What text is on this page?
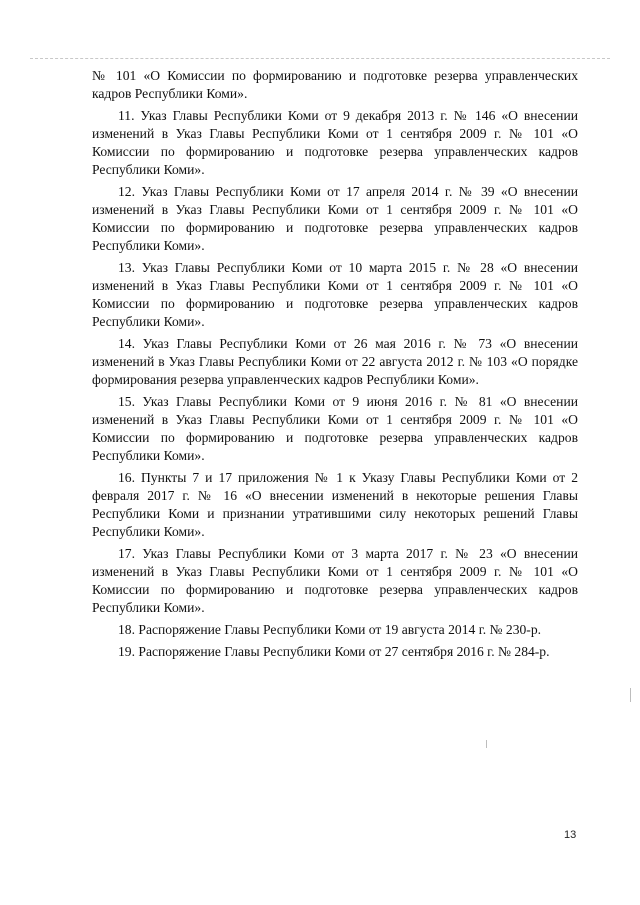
№ 101 «О Комиссии по формированию и подготовке резерва управленческих кадров Республики Коми».

11. Указ Главы Республики Коми от 9 декабря 2013 г. № 146 «О внесении изменений в Указ Главы Республики Коми от 1 сентября 2009 г. № 101 «О Комиссии по формированию и подготовке резерва управленческих кадров Республики Коми».

12. Указ Главы Республики Коми от 17 апреля 2014 г. № 39 «О внесении изменений в Указ Главы Республики Коми от 1 сентября 2009 г. № 101 «О Комиссии по формированию и подготовке резерва управленческих кадров Республики Коми».

13. Указ Главы Республики Коми от 10 марта 2015 г. № 28 «О внесении изменений в Указ Главы Республики Коми от 1 сентября 2009 г. № 101 «О Комиссии по формированию и подготовке резерва управленческих кадров Республики Коми».

14. Указ Главы Республики Коми от 26 мая 2016 г. № 73 «О внесении изменений в Указ Главы Республики Коми от 22 августа 2012 г. № 103 «О порядке формирования резерва управленческих кадров Республики Коми».

15. Указ Главы Республики Коми от 9 июня 2016 г. № 81 «О внесении изменений в Указ Главы Республики Коми от 1 сентября 2009 г. № 101 «О Комиссии по формированию и подготовке резерва управленческих кадров Республики Коми».

16. Пункты 7 и 17 приложения № 1 к Указу Главы Республики Коми от 2 февраля 2017 г. № 16 «О внесении изменений в некоторые решения Главы Республики Коми и признании утратившими силу некоторых решений Главы Республики Коми».

17. Указ Главы Республики Коми от 3 марта 2017 г. № 23 «О внесении изменений в Указ Главы Республики Коми от 1 сентября 2009 г. № 101 «О Комиссии по формированию и подготовке резерва управленческих кадров Республики Коми».

18. Распоряжение Главы Республики Коми от 19 августа 2014 г. № 230-р.

19. Распоряжение Главы Республики Коми от 27 сентября 2016 г. № 284-р.

13
